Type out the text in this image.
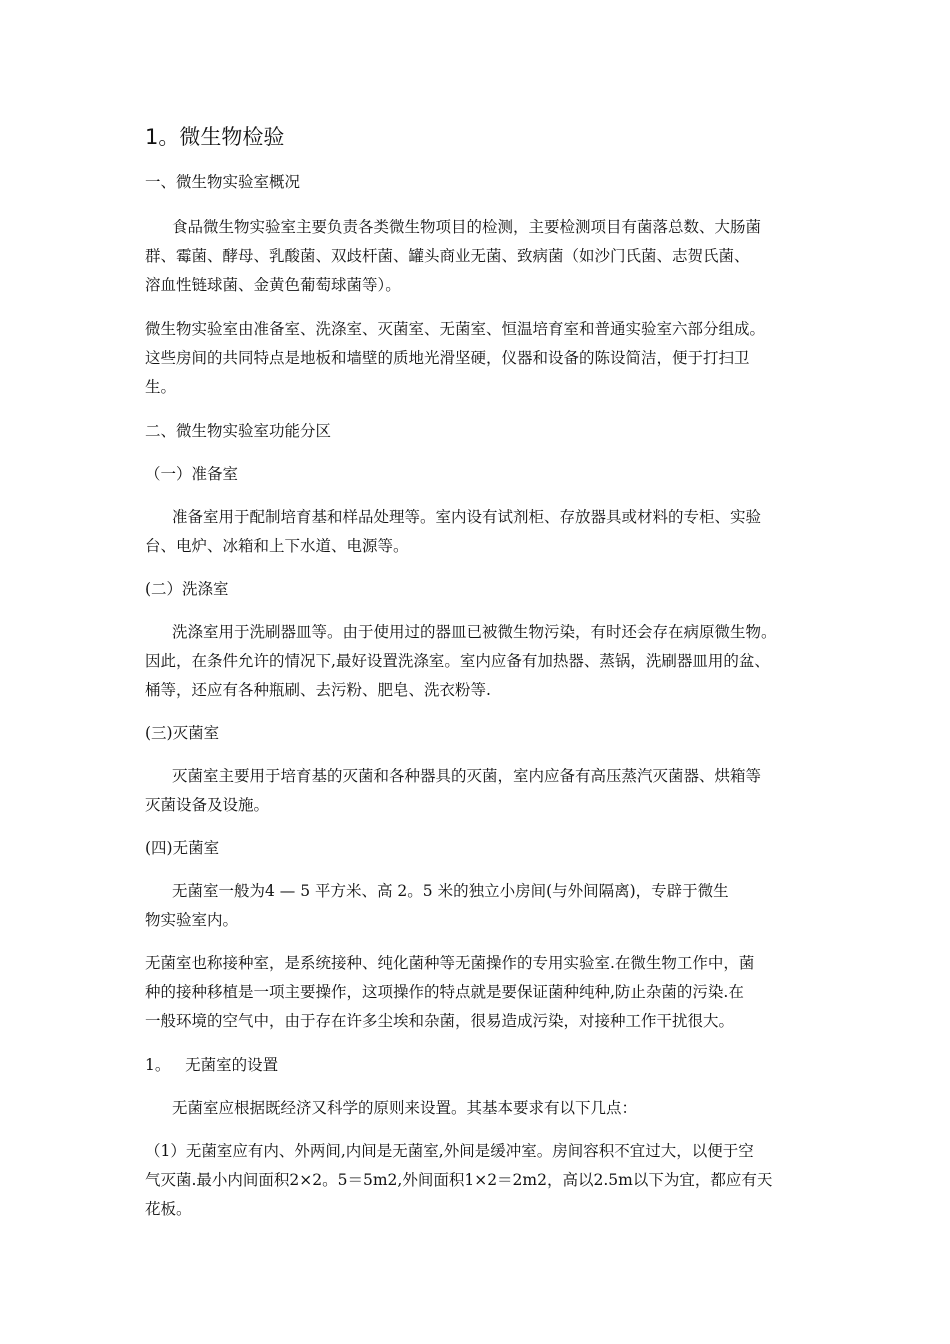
1。微生物检验
一、微生物实验室概况
食品微生物实验室主要负责各类微生物项目的检测，主要检测项目有菌落总数、大肠菌
群、霉菌、酵母、乳酸菌、双歧杆菌、罐头商业无菌、致病菌（如沙门氏菌、志贺氏菌、
溶血性链球菌、金黄色葡萄球菌等）。
微生物实验室由准备室、洗涤室、灭菌室、无菌室、恒温培育室和普通实验室六部分组成。
这些房间的共同特点是地板和墙壁的质地光滑坚硬，仪器和设备的陈设简洁，便于打扫卫
生。
二、微生物实验室功能分区
（一）准备室
准备室用于配制培育基和样品处理等。室内设有试剂柜、存放器具或材料的专柜、实验
台、电炉、冰箱和上下水道、电源等。
(二）洗涤室
洗涤室用于洗刷器皿等。由于使用过的器皿已被微生物污染，有时还会存在病原微生物。
因此，在条件允许的情况下,最好设置洗涤室。室内应备有加热器、蒸锅，洗刷器皿用的盆、
桶等，还应有各种瓶刷、去污粉、肥皂、洗衣粉等.
(三)灭菌室
灭菌室主要用于培育基的灭菌和各种器具的灭菌，室内应备有高压蒸汽灭菌器、烘箱等
灭菌设备及设施。
(四)无菌室
无菌室一般为4 — 5 平方米、高 2。5 米的独立小房间(与外间隔离)，专辟于微生
物实验室内。
无菌室也称接种室，是系统接种、纯化菌种等无菌操作的专用实验室.在微生物工作中，菌
种的接种移植是一项主要操作，这项操作的特点就是要保证菌种纯种,防止杂菌的污染.在
一般环境的空气中，由于存在许多尘埃和杂菌，很易造成污染，对接种工作干扰很大。
1。   无菌室的设置
无菌室应根据既经济又科学的原则来设置。其基本要求有以下几点：
（1）无菌室应有内、外两间,内间是无菌室,外间是缓冲室。房间容积不宜过大，以便于空
气灭菌.最小内间面积2×2。5＝5m2,外间面积1×2＝2m2，高以2.5m以下为宜，都应有天
花板。
